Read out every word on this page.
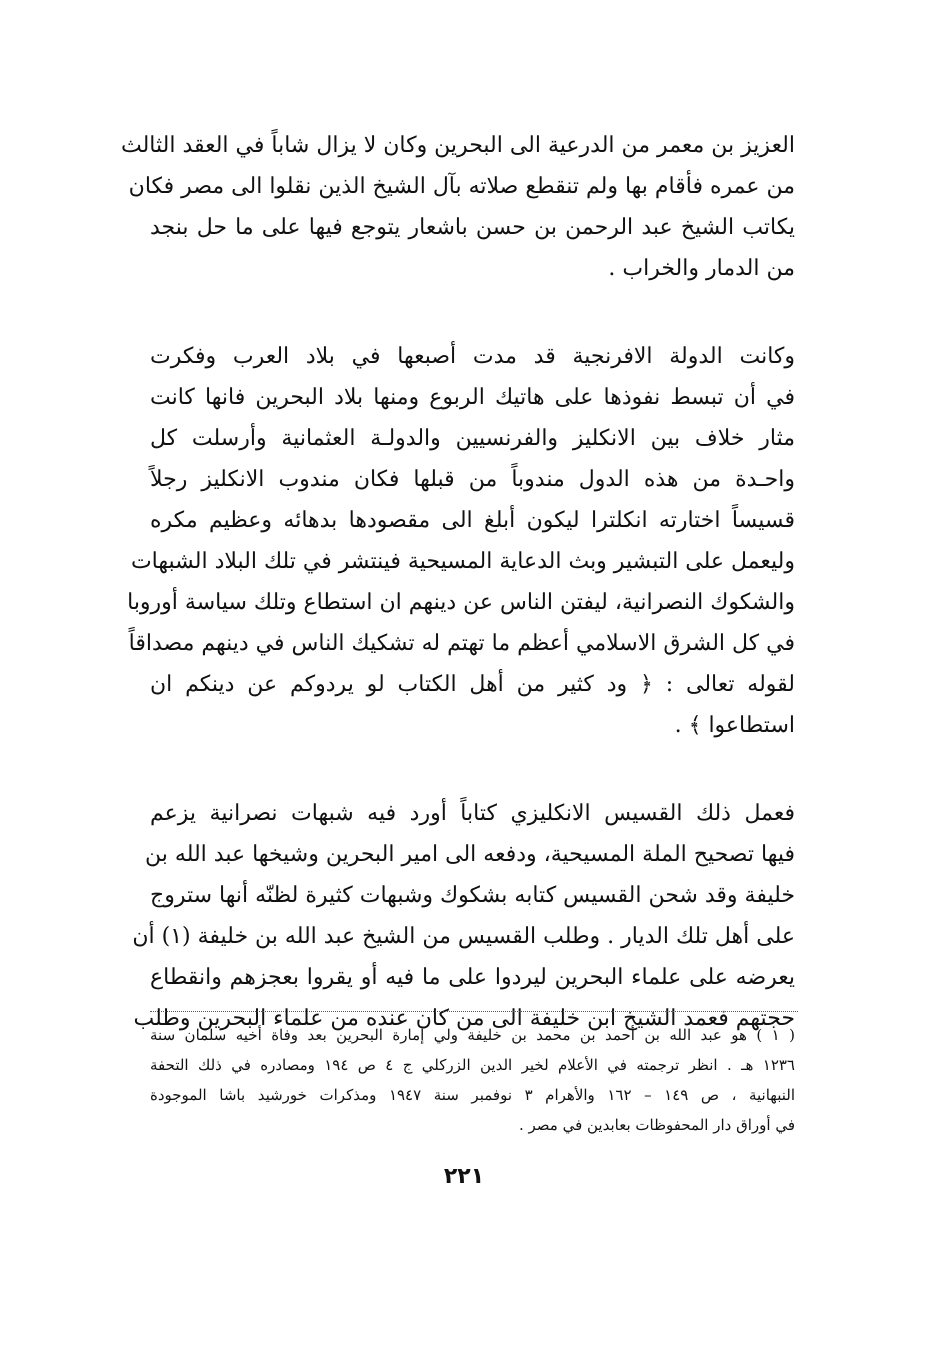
العزيز بن معمر من الدرعية الى البحرين وكان لا يزال شاباً في العقد الثالث
من عمره فأقام بها ولم تنقطع صلاته بآل الشيخ الذين نقلوا الى مصر فكان
يكاتب الشيخ عبد الرحمن بن حسن باشعار يتوجع فيها على ما حل بنجد
من الدمار والخراب .
وكانت الدولة الافرنجية قد مدت أصبعها في بلاد العرب وفكرت
في أن تبسط نفوذها على هاتيك الربوع ومنها بلاد البحرين فانها كانت
مثار خلاف بين الانكليز والفرنسيين والدولـة العثمانية وأرسلت كل
واحـدة من هذه الدول مندوباً من قبلها فكان مندوب الانكليز رجلاً
قسيساً اختارته انكلترا ليكون أبلغ الى مقصودها بدهائه وعظيم مكره
وليعمل على التبشير وبث الدعاية المسيحية فينتشر في تلك البلاد الشبهات
والشكوك النصرانية، ليفتن الناس عن دينهم ان استطاع وتلك سياسة أوروبا
في كل الشرق الاسلامي أعظم ما تهتم له تشكيك الناس في دينهم مصداقاً
لقوله تعالى : ﴿ ود كثير من أهل الكتاب لو يردوكم عن دينكم ان
استطاعوا ﴾ .
فعمل ذلك القسيس الانكليزي كتاباً أورد فيه شبهات نصرانية يزعم
فيها تصحيح الملة المسيحية، ودفعه الى امير البحرين وشيخها عبد الله بن
خليفة وقد شحن القسيس كتابه بشكوك وشبهات كثيرة لظنّه أنها ستروج
على أهل تلك الديار . وطلب القسيس من الشيخ عبد الله بن خليفة (١) أن
يعرضه على علماء البحرين ليردوا على ما فيه أو يقروا بعجزهم وانقطاع
حجتهم فعمد الشيخ ابن خليفة الى من كان عنده من علماء البحرين وطلب
( ١ ) هو عبد الله بن أحمد بن محمد بن خليفة ولي إمارة البحرين بعد وفاة أخيه سلمان سنة
١٢٣٦ هـ . انظر ترجمته في الأعلام لخير الدين الزركلي ج ٤ ص ١٩٤ ومصادره في ذلك التحفة
النبهانية ، ص ١٤٩ – ١٦٢ والأهرام ٣ نوفمبر سنة ١٩٤٧ ومذكرات خورشيد باشا الموجودة
في أوراق دار المحفوظات بعابدين في مصر .
٢٢١
